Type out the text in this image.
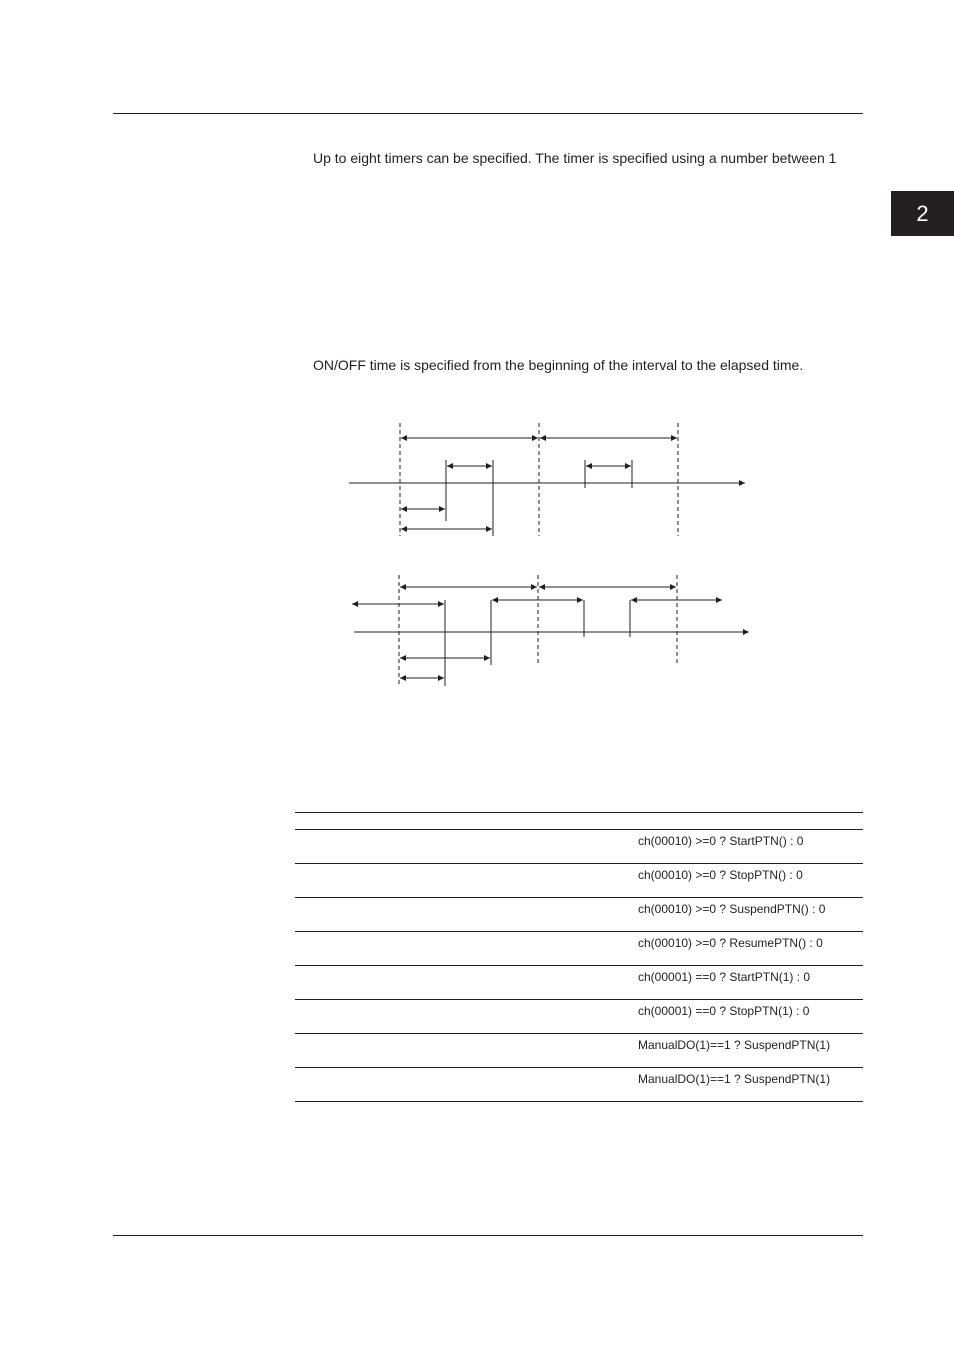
2
Up to eight timers can be specified. The timer is specified using a number between 1
ON/OFF time is specified from the beginning of the interval to the elapsed time.
ch(00010) >=0 ? StartPTN() : 0
ch(00010) >=0 ? StopPTN() : 0
ch(00010) >=0 ? SuspendPTN() : 0
ch(00010) >=0 ? ResumePTN() : 0
ch(00001) ==0 ? StartPTN(1) : 0
ch(00001) ==0 ? StopPTN(1) : 0
ManualDO(1)==1 ? SuspendPTN(1)
ManualDO(1)==1 ? SuspendPTN(1)
